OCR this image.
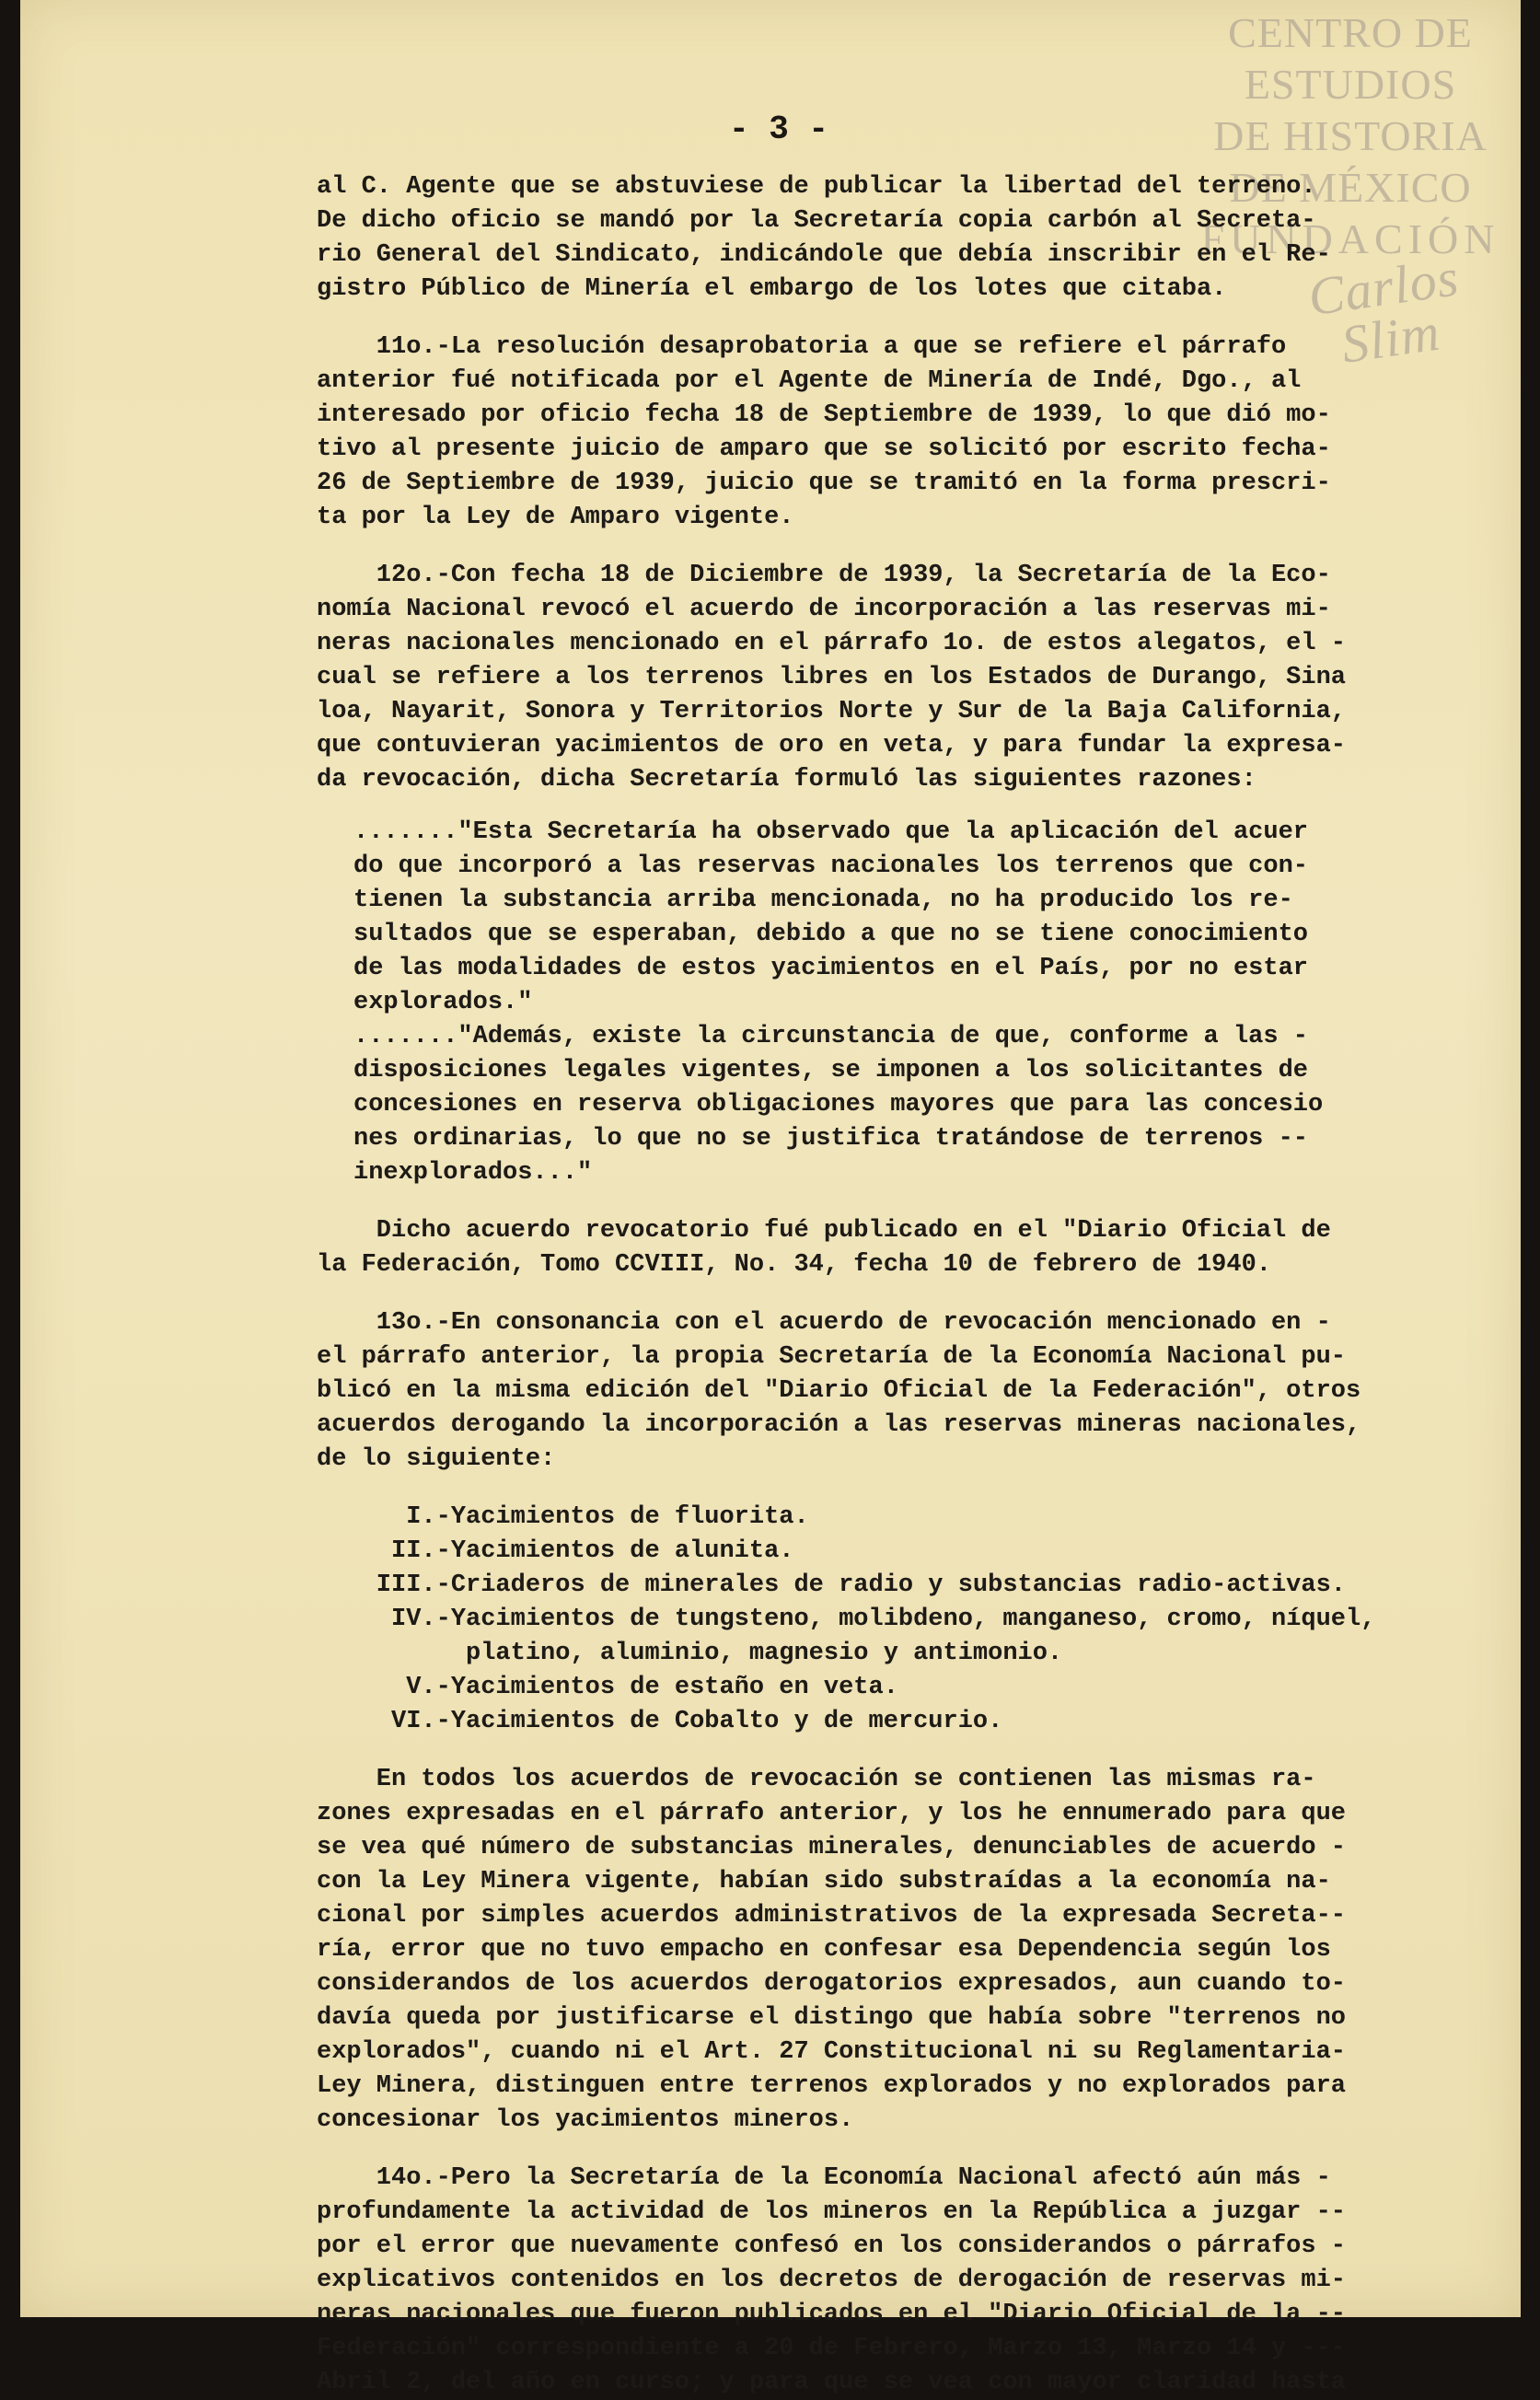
CENTRO DE
ESTUDIOS
DE HISTORIA
DE MÉXICO
FUNDACIÓN
Carlos Slim
- 3 -
al C. Agente que se abstuviese de publicar la libertad del terreno.
De dicho oficio se mandó por la Secretaría copia carbón al Secreta-
rio General del Sindicato, indicándole que debía inscribir en el Re-
gistro Público de Minería el embargo de los lotes que citaba.
11o.-La resolución desaprobatoria a que se refiere el párrafo
anterior fué notificada por el Agente de Minería de Indé, Dgo., al
interesado por oficio fecha 18 de Septiembre de 1939, lo que dió mo-
tivo al presente juicio de amparo que se solicitó por escrito fecha-
26 de Septiembre de 1939, juicio que se tramitó en la forma prescri-
ta por la Ley de Amparo vigente.
12o.-Con fecha 18 de Diciembre de 1939, la Secretaría de la Eco-
nomía Nacional revocó el acuerdo de incorporación a las reservas mi-
neras nacionales mencionado en el párrafo 1o. de estos alegatos, el -
cual se refiere a los terrenos libres en los Estados de Durango, Sina
loa, Nayarit, Sonora y Territorios Norte y Sur de la Baja California,
que contuvieran yacimientos de oro en veta, y para fundar la expresa-
da revocación, dicha Secretaría formuló las siguientes razones:
......."Esta Secretaría ha observado que la aplicación del acuer
do que incorporó a las reservas nacionales los terrenos que con-
tienen la substancia arriba mencionada, no ha producido los re-
sultados que se esperaban, debido a que no se tiene conocimiento
de las modalidades de estos yacimientos en el País, por no estar
explorados."
......."Además, existe la circunstancia de que, conforme a las -
disposiciones legales vigentes, se imponen a los solicitantes de
concesiones en reserva obligaciones mayores que para las concesio
nes ordinarias, lo que no se justifica tratándose de terrenos --
inexplorados..."
Dicho acuerdo revocatorio fué publicado en el "Diario Oficial de
la Federación, Tomo CCVIII, No. 34, fecha 10 de febrero de 1940.
13o.-En consonancia con el acuerdo de revocación mencionado en -
el párrafo anterior, la propia Secretaría de la Economía Nacional pu-
blicó en la misma edición del "Diario Oficial de la Federación", otros
acuerdos derogando la incorporación a las reservas mineras nacionales,
de lo siguiente:
I.-Yacimientos de fluorita.
II.-Yacimientos de alunita.
III.-Criaderos de minerales de radio y substancias radio-activas.
IV.-Yacimientos de tungsteno, molibdeno, manganeso, cromo, níquel,
platino, aluminio, magnesio y antimonio.
V.-Yacimientos de estaño en veta.
VI.-Yacimientos de Cobalto y de mercurio.
En todos los acuerdos de revocación se contienen las mismas ra-
zones expresadas en el párrafo anterior, y los he ennumerado para que
se vea qué número de substancias minerales, denunciables de acuerdo -
con la Ley Minera vigente, habían sido substraídas a la economía na-
cional por simples acuerdos administrativos de la expresada Secreta--
ría, error que no tuvo empacho en confesar esa Dependencia según los
considerandos de los acuerdos derogatorios expresados, aun cuando to-
davía queda por justificarse el distingo que había sobre "terrenos no
explorados", cuando ni el Art. 27 Constitucional ni su Reglamentaria-
Ley Minera, distinguen entre terrenos explorados y no explorados para
concesionar los yacimientos mineros.
14o.-Pero la Secretaría de la Economía Nacional afectó aún más -
profundamente la actividad de los mineros en la República a juzgar --
por el error que nuevamente confesó en los considerandos o párrafos -
explicativos contenidos en los decretos de derogación de reservas mi-
neras nacionales que fueron publicados en el "Diario Oficial de la --
Federación" correspondiente a 20 de Febrero, Marzo 13, Marzo 14 y ---
Abril 2, del año en curso; y para que se vea con mayor claridad hasta
